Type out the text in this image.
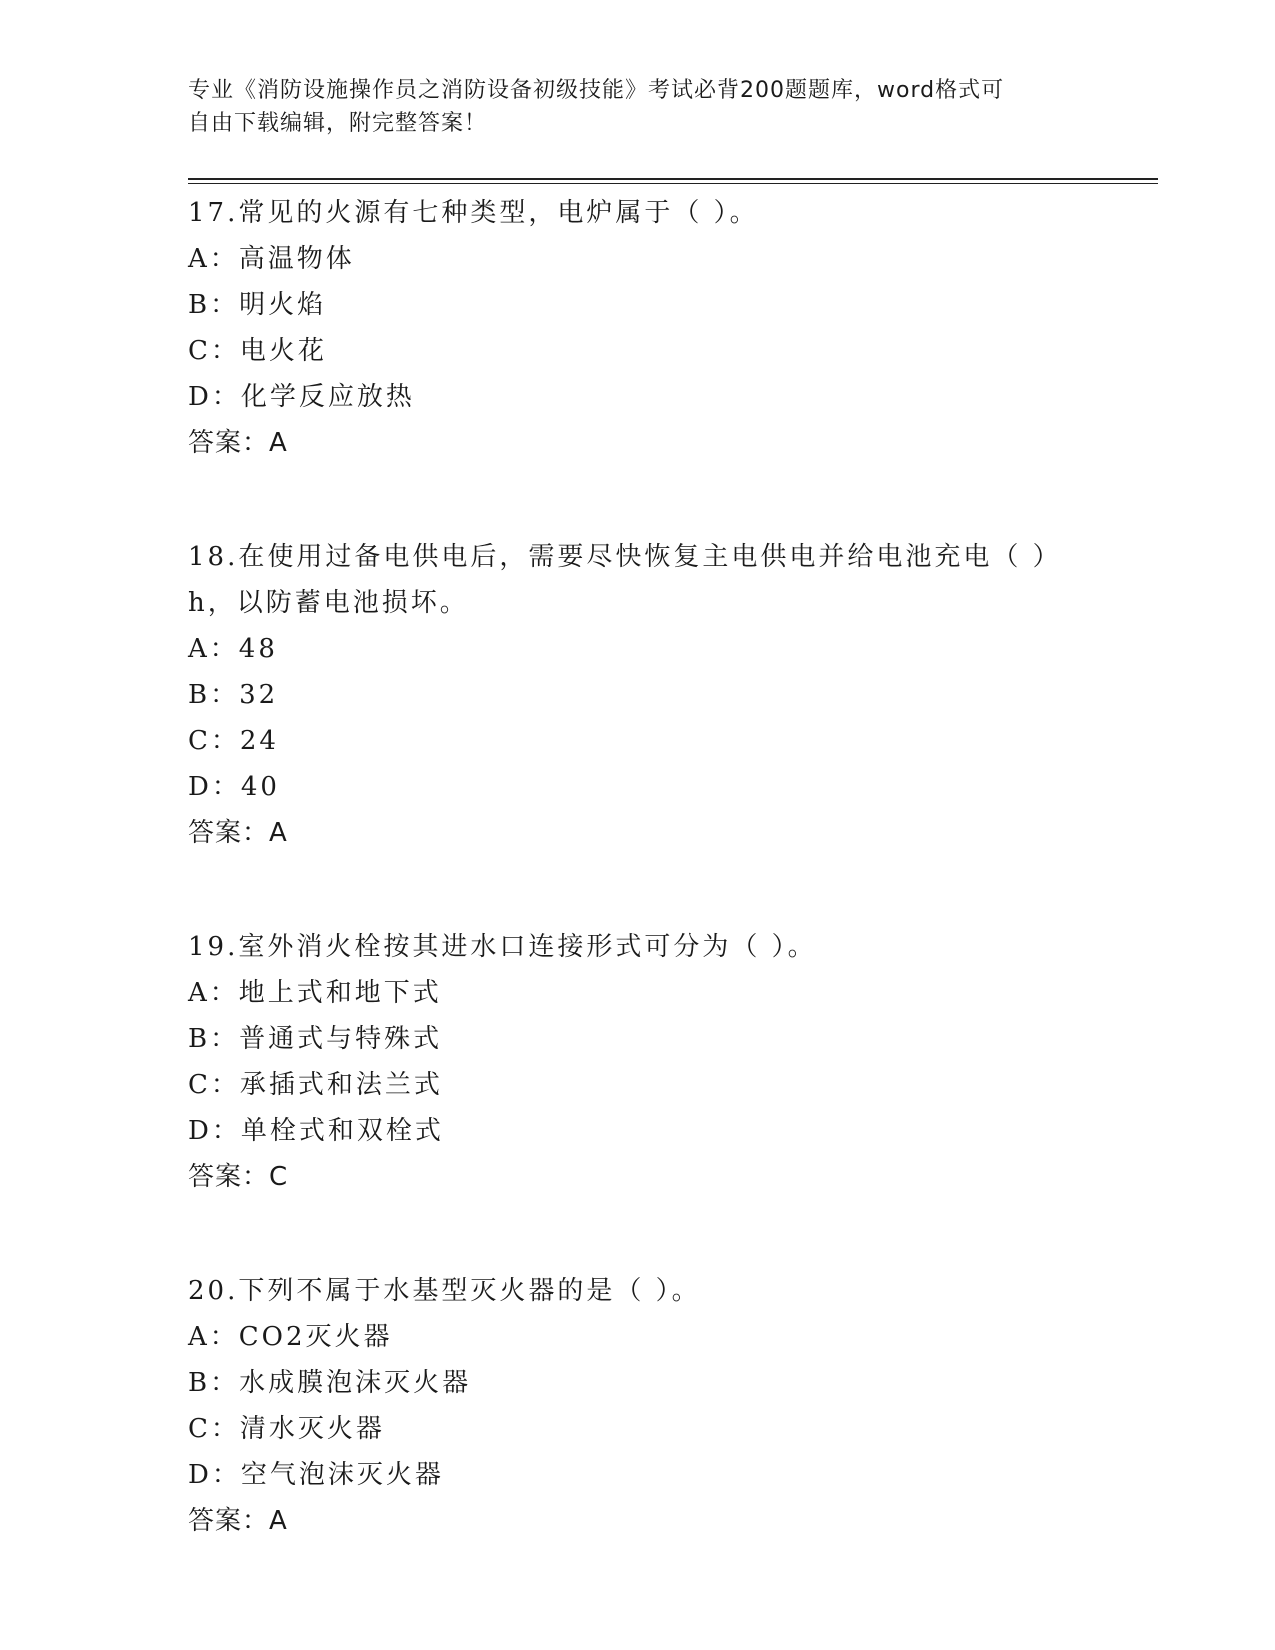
专业《消防设施操作员之消防设备初级技能》考试必背200题题库，word格式可
自由下载编辑，附完整答案！
17.常见的火源有七种类型，电炉属于（ ）。
A：高温物体
B：明火焰
C：电火花
D：化学反应放热
答案：A
18.在使用过备电供电后，需要尽快恢复主电供电并给电池充电（ ）
h，以防蓄电池损坏。
A：48
B：32
C：24
D：40
答案：A
19.室外消火栓按其进水口连接形式可分为（ ）。
A：地上式和地下式
B：普通式与特殊式
C：承插式和法兰式
D：单栓式和双栓式
答案：C
20.下列不属于水基型灭火器的是（ ）。
A：CO2灭火器
B：水成膜泡沫灭火器
C：清水灭火器
D：空气泡沫灭火器
答案：A
